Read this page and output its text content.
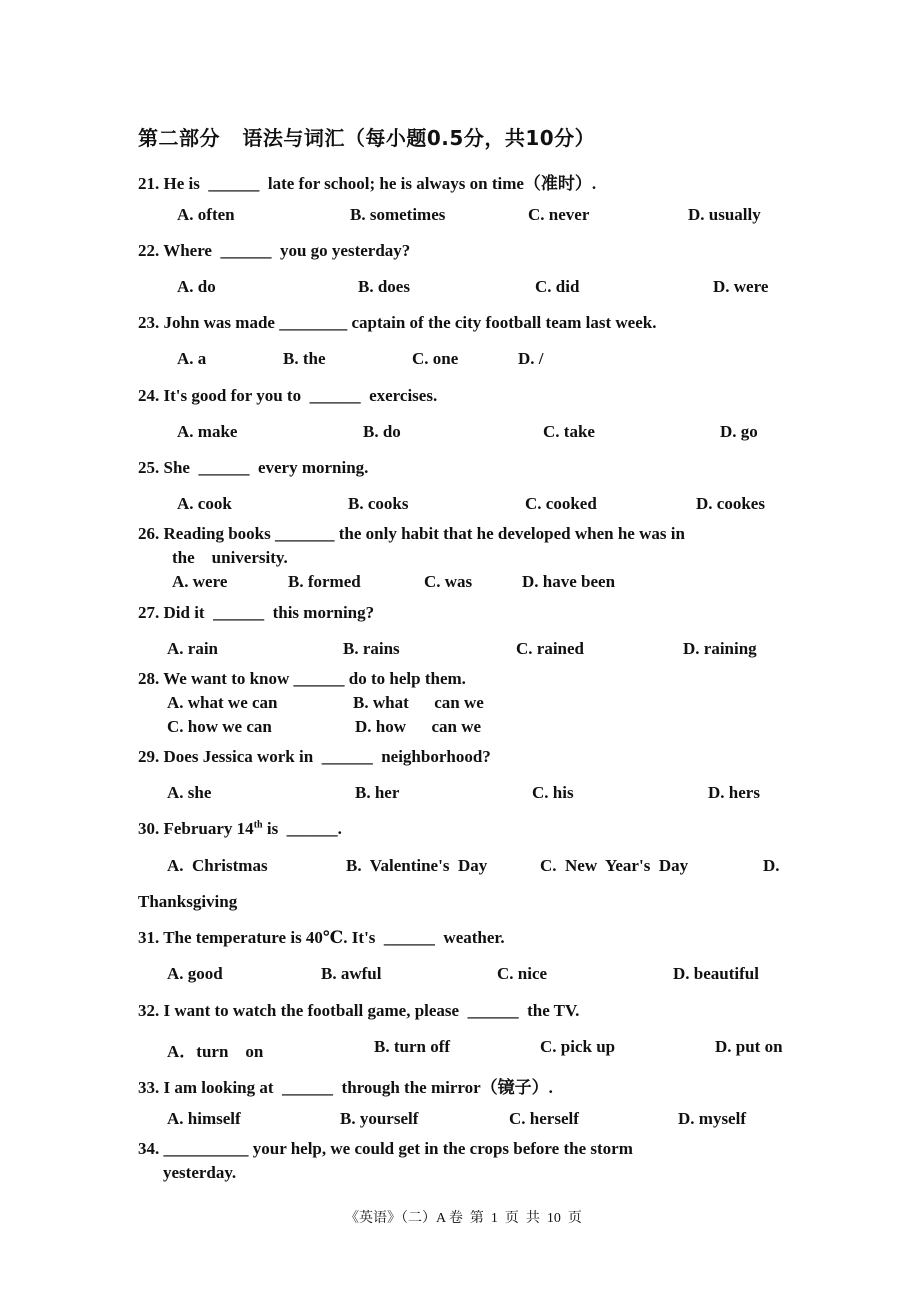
第二部分   语法与词汇（每小题0.5分，共10分）
21. He is  ______  late for school; he is always on time（准时）.
A. often	B. sometimes	C. never	D. usually
22. Where  ______  you go yesterday?
A. do	B. does	C. did	D. were
23. John was made ________ captain of the city football team last week.
A. a	B. the	C. one	D. /
24. It's good for you to  ______  exercises.
A. make	B. do	C. take	D. go
25. She  ______  every morning.
A. cook	B. cooks	C. cooked	D. cookes
26. Reading books _______ the only habit that he developed when he was in
the    university.
A. were	B. formed	C. was	D. have been
27. Did it  ______  this morning?
A. rain	B. rains	C. rained	D. raining
28. We want to know ______ do to help them.
A. what we can	B. what      can we
C. how we can	D. how      can we
29. Does Jessica work in  ______  neighborhood?
A. she	B. her	C. his	D. hers
30. February 14th is  ______.
A.  Christmas	B.  Valentine's  Day	C.  New  Year's  Day	D.
Thanksgiving
31. The temperature is 40℃. It's  ______  weather.
A. good	B. awful	C. nice	D. beautiful
32. I want to watch the football game, please  ______  the TV.
A．turn    on	B. turn off	C. pick up	D. put on
33. I am looking at  ______  through the mirror（镜子）.
A. himself	B. yourself	C. herself	D. myself
34. __________ your help, we could get in the crops before the storm
yesterday.
《英语》（二）A 卷  第  1  页  共  10  页
